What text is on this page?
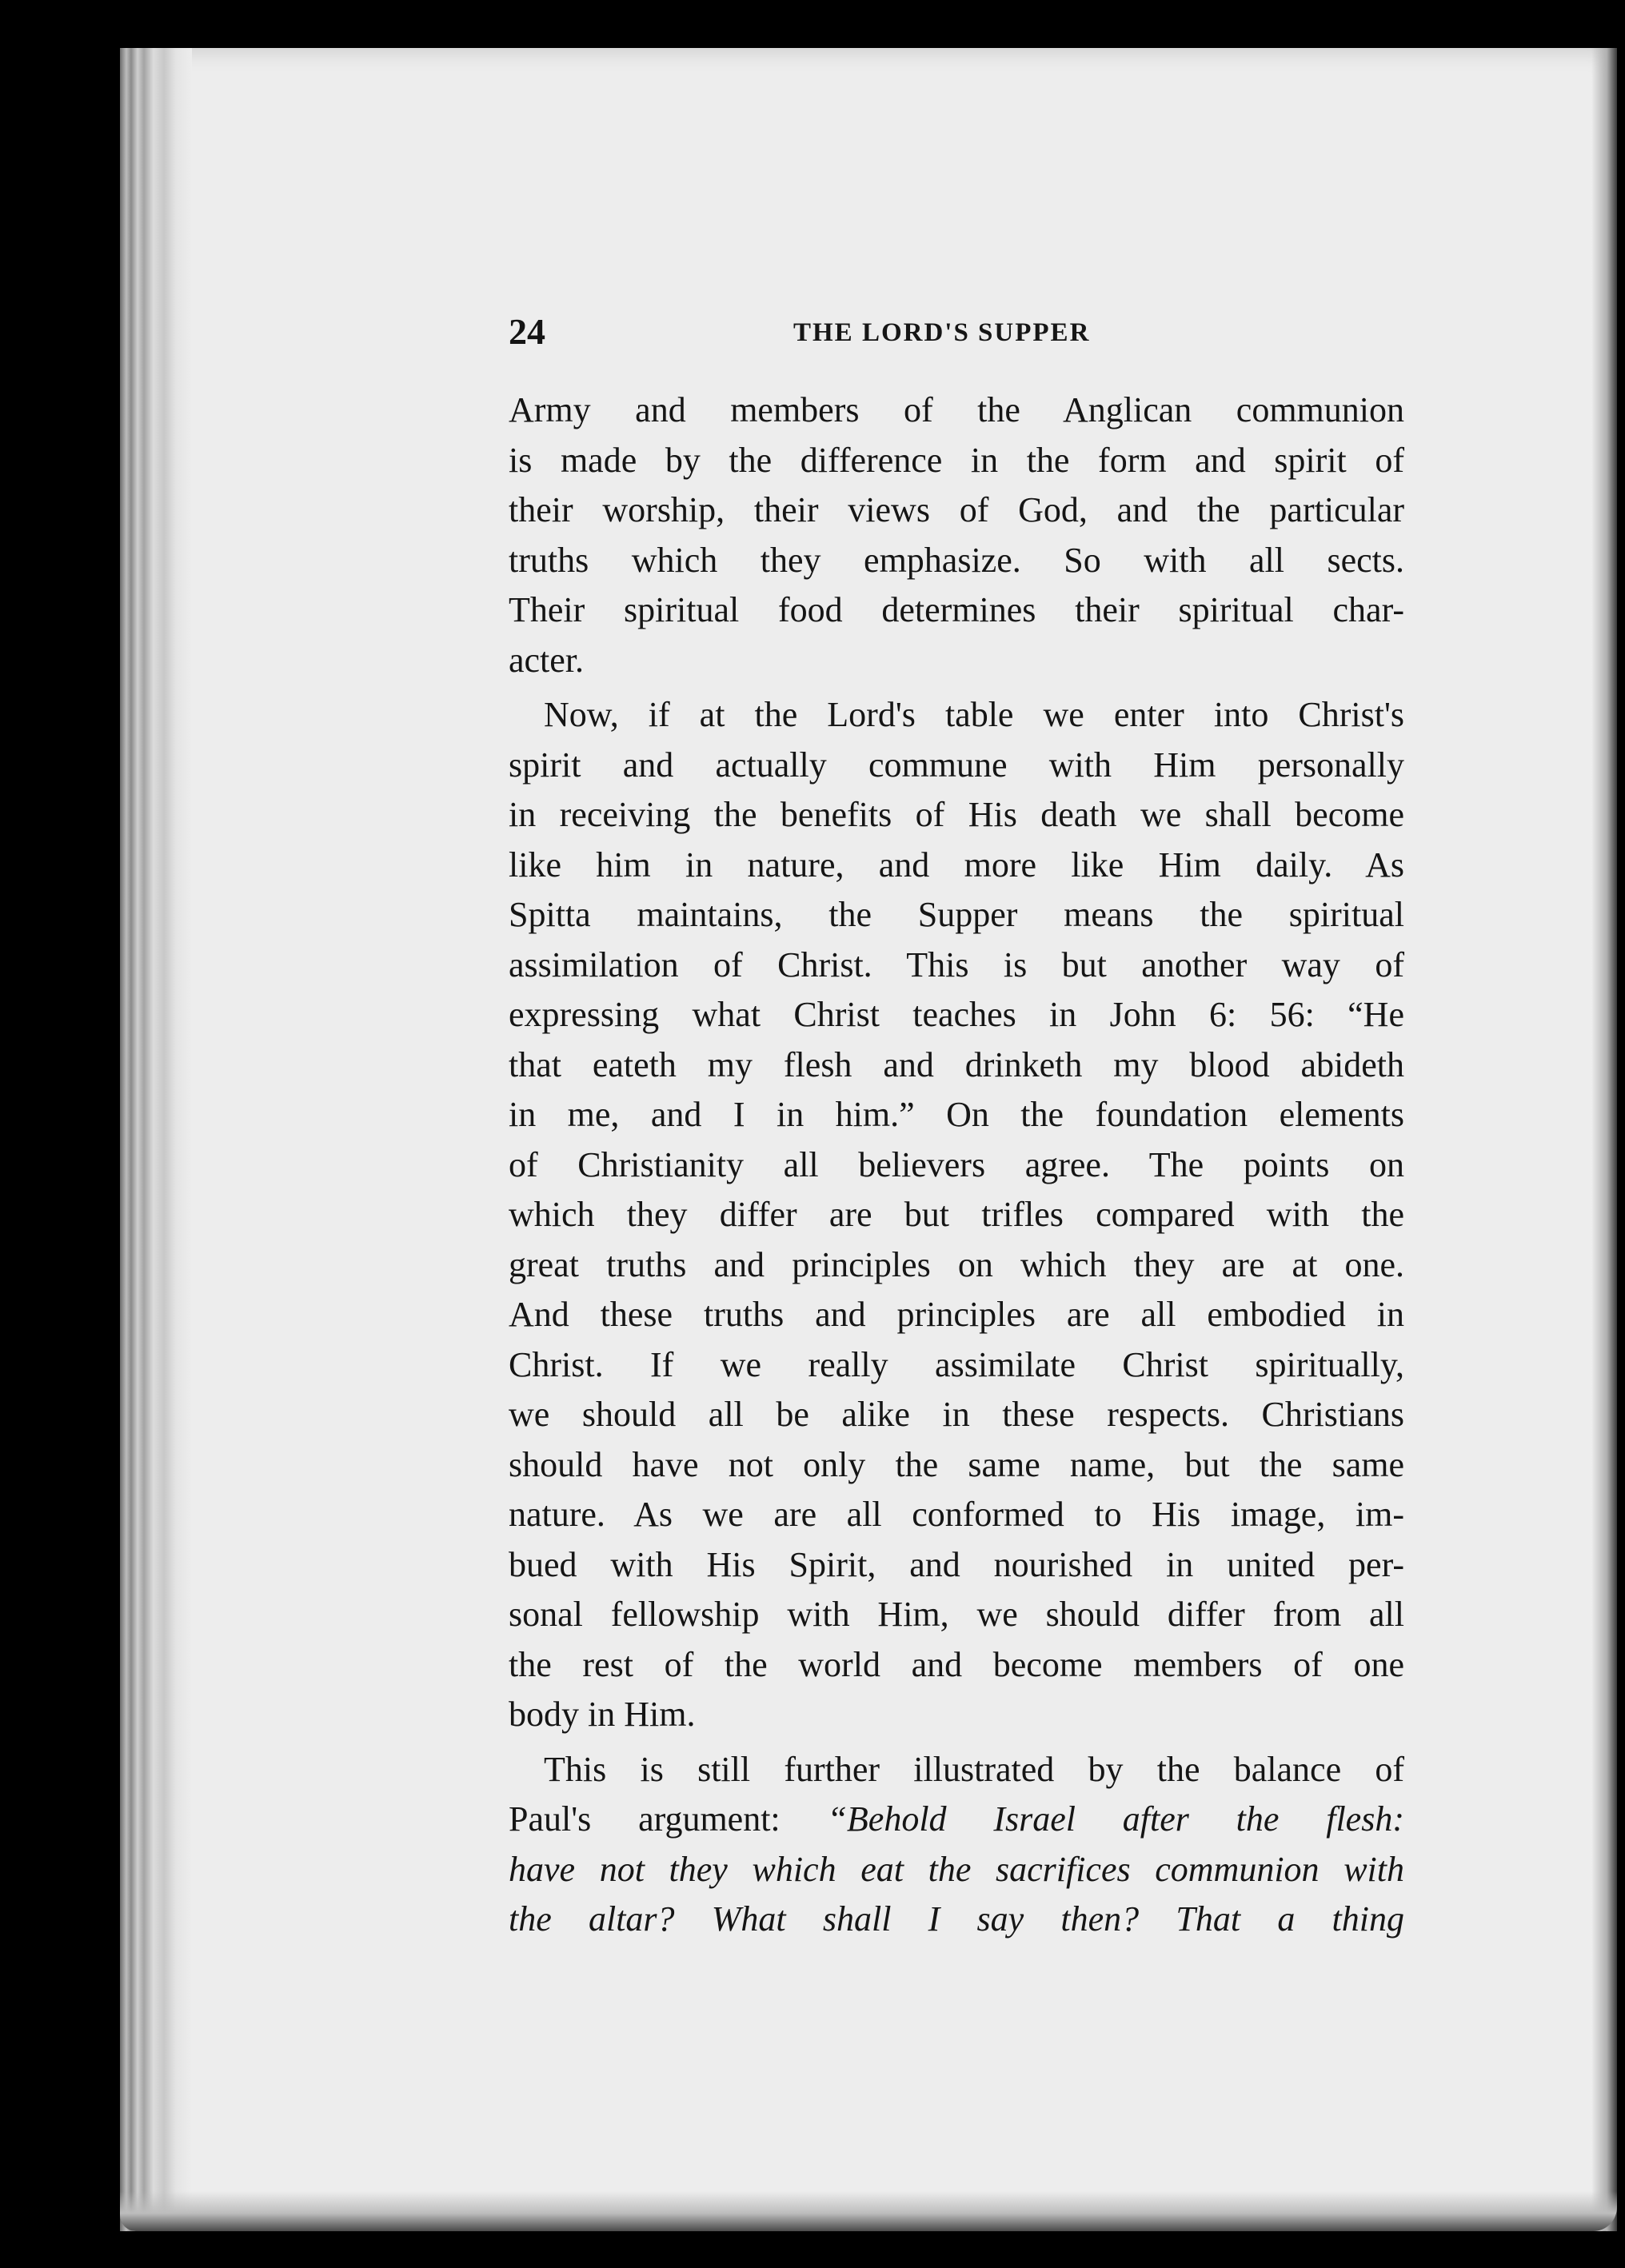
24	THE LORD'S SUPPER
Army and members of the Anglican communion
is made by the difference in the form and spirit of
their worship, their views of God, and the particular
truths which they emphasize. So with all sects.
Their spiritual food determines their spiritual char-
acter.
Now, if at the Lord's table we enter into Christ's
spirit and actually commune with Him personally
in receiving the benefits of His death we shall become
like him in nature, and more like Him daily. As
Spitta maintains, the Supper means the spiritual
assimilation of Christ. This is but another way of
expressing what Christ teaches in John 6: 56: “He
that eateth my flesh and drinketh my blood abideth
in me, and I in him.” On the foundation elements
of Christianity all believers agree. The points on
which they differ are but trifles compared with the
great truths and principles on which they are at one.
And these truths and principles are all embodied in
Christ. If we really assimilate Christ spiritually,
we should all be alike in these respects. Christians
should have not only the same name, but the same
nature. As we are all conformed to His image, im-
bued with His Spirit, and nourished in united per-
sonal fellowship with Him, we should differ from all
the rest of the world and become members of one
body in Him.
This is still further illustrated by the balance of
Paul's argument: “Behold Israel after the flesh:
have not they which eat the sacrifices communion with
the altar? What shall I say then? That a thing
